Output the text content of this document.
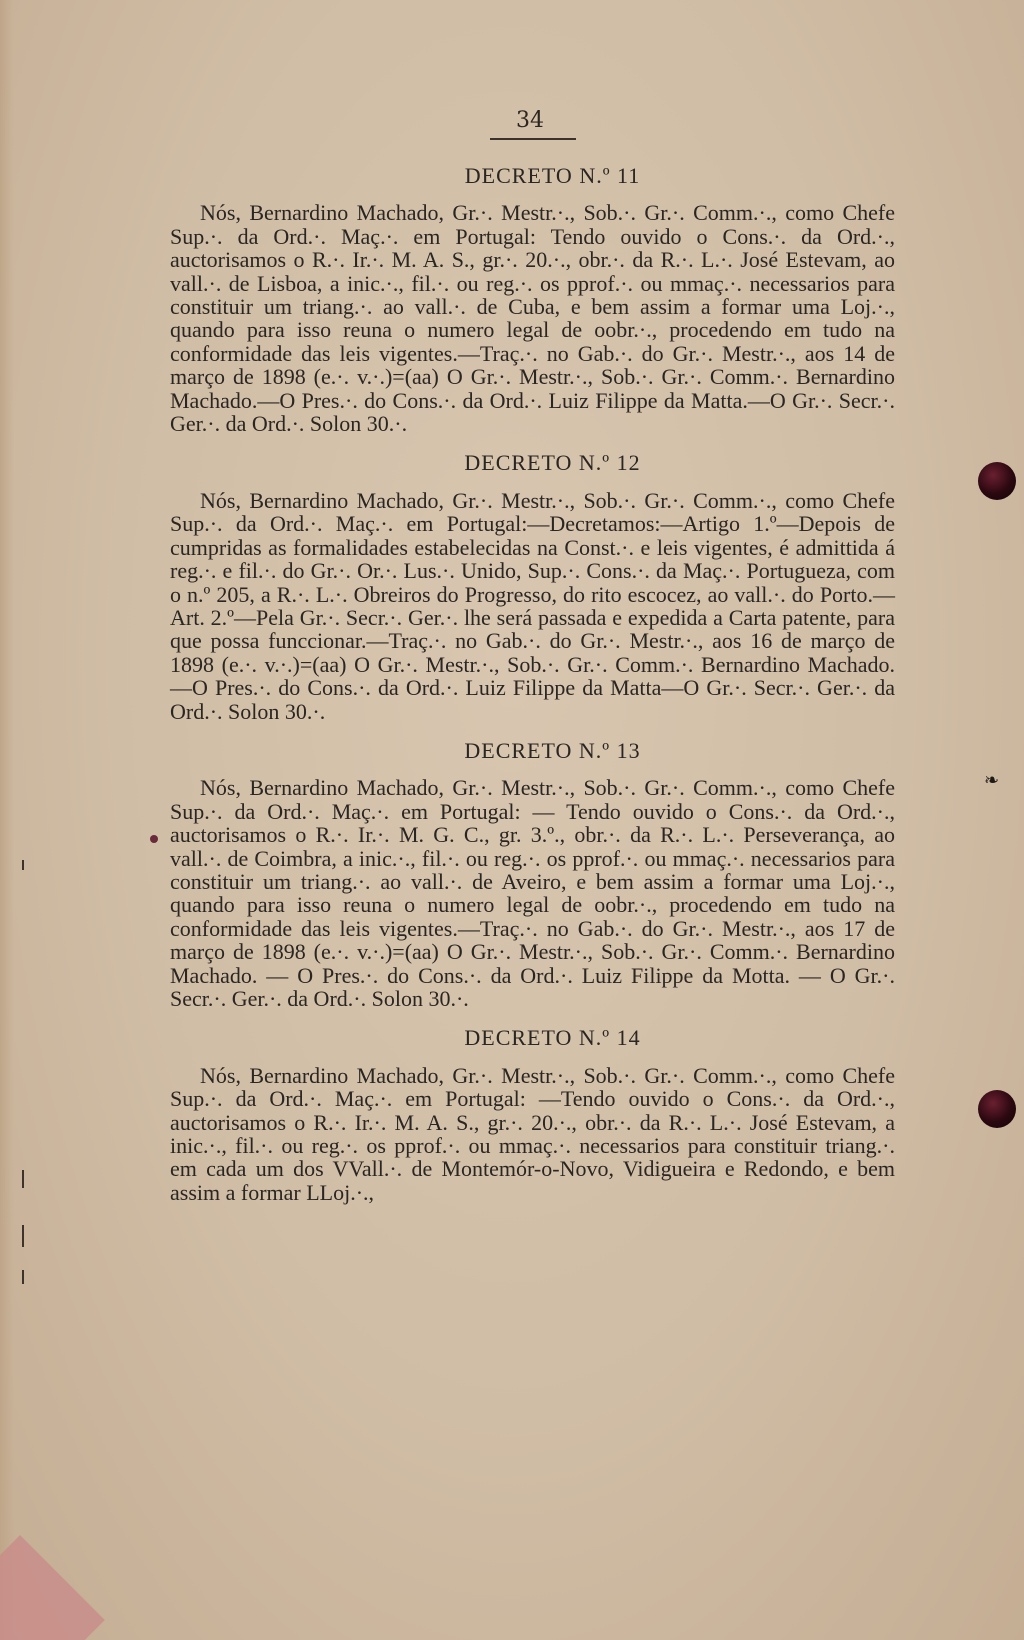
34
DECRETO N.º 11

Nós, Bernardino Machado, Gr.·. Mestr.·., Sob.·. Gr.·. Comm.·., como Chefe Sup.·. da Ord.·. Maç.·. em Portugal: Tendo ouvido o Cons.·. da Ord.·., auctorisamos o R.·. Ir.·. M. A. S., gr.·. 20.·., obr.·. da R.·. L.·. José Estevam, ao vall.·. de Lisboa, a inic.·., fil.·. ou reg.·. os pprof.·. ou mmaç.·. necessarios para constituir um triang.·. ao vall.·. de Cuba, e bem assim a formar uma Loj.·., quando para isso reuna o numero legal de oobr.·., procedendo em tudo na conformidade das leis vigentes.—Traç.·. no Gab.·. do Gr.·. Mestr.·., aos 14 de março de 1898 (e.·. v.·.)=(aa) O Gr.·. Mestr.·., Sob.·. Gr.·. Comm.·. Bernardino Machado.—O Pres.·. do Cons.·. da Ord.·. Luiz Filippe da Matta.—O Gr.·. Secr.·. Ger.·. da Ord.·. Solon 30.·.

DECRETO N.º 12

Nós, Bernardino Machado, Gr.·. Mestr.·., Sob.·. Gr.·. Comm.·., como Chefe Sup.·. da Ord.·. Maç.·. em Portugal:—Decretamos:—Artigo 1.º—Depois de cumpridas as formalidades estabelecidas na Const.·. e leis vigentes, é admittida á reg.·. e fil.·. do Gr.·. Or.·. Lus.·. Unido, Sup.·. Cons.·. da Maç.·. Portugueza, com o n.º 205, a R.·. L.·. Obreiros do Progresso, do rito escocez, ao vall.·. do Porto.—Art. 2.º—Pela Gr.·. Secr.·. Ger.·. lhe será passada e expedida a Carta patente, para que possa funccionar.—Traç.·. no Gab.·. do Gr.·. Mestr.·., aos 16 de março de 1898 (e.·. v.·.)=(aa) O Gr.·. Mestr.·., Sob.·. Gr.·. Comm.·. Bernardino Machado.—O Pres.·. do Cons.·. da Ord.·. Luiz Filippe da Matta—O Gr.·. Secr.·. Ger.·. da Ord.·. Solon 30.·.

DECRETO N.º 13

Nós, Bernardino Machado, Gr.·. Mestr.·., Sob.·. Gr.·. Comm.·., como Chefe Sup.·. da Ord.·. Maç.·. em Portugal: — Tendo ouvido o Cons.·. da Ord.·., auctorisamos o R.·. Ir.·. M. G. C., gr. 3.º., obr.·. da R.·. L.·. Perseverança, ao vall.·. de Coimbra, a inic.·., fil.·. ou reg.·. os pprof.·. ou mmaç.·. necessarios para constituir um triang.·. ao vall.·. de Aveiro, e bem assim a formar uma Loj.·., quando para isso reuna o numero legal de oobr.·., procedendo em tudo na conformidade das leis vigentes.—Traç.·. no Gab.·. do Gr.·. Mestr.·., aos 17 de março de 1898 (e.·. v.·.)=(aa) O Gr.·. Mestr.·., Sob.·. Gr.·. Comm.·. Bernardino Machado. — O Pres.·. do Cons.·. da Ord.·. Luiz Filippe da Motta. — O Gr.·. Secr.·. Ger.·. da Ord.·. Solon 30.·.

DECRETO N.º 14

Nós, Bernardino Machado, Gr.·. Mestr.·., Sob.·. Gr.·. Comm.·., como Chefe Sup.·. da Ord.·. Maç.·. em Portugal: —Tendo ouvido o Cons.·. da Ord.·., auctorisamos o R.·. Ir.·. M. A. S., gr.·. 20.·., obr.·. da R.·. L.·. José Estevam, a inic.·., fil.·. ou reg.·. os pprof.·. ou mmaç.·. necessarios para constituir triang.·. em cada um dos VVall.·. de Montemór-o-Novo, Vidigueira e Redondo, e bem assim a formar LLoj.·.,

❧
